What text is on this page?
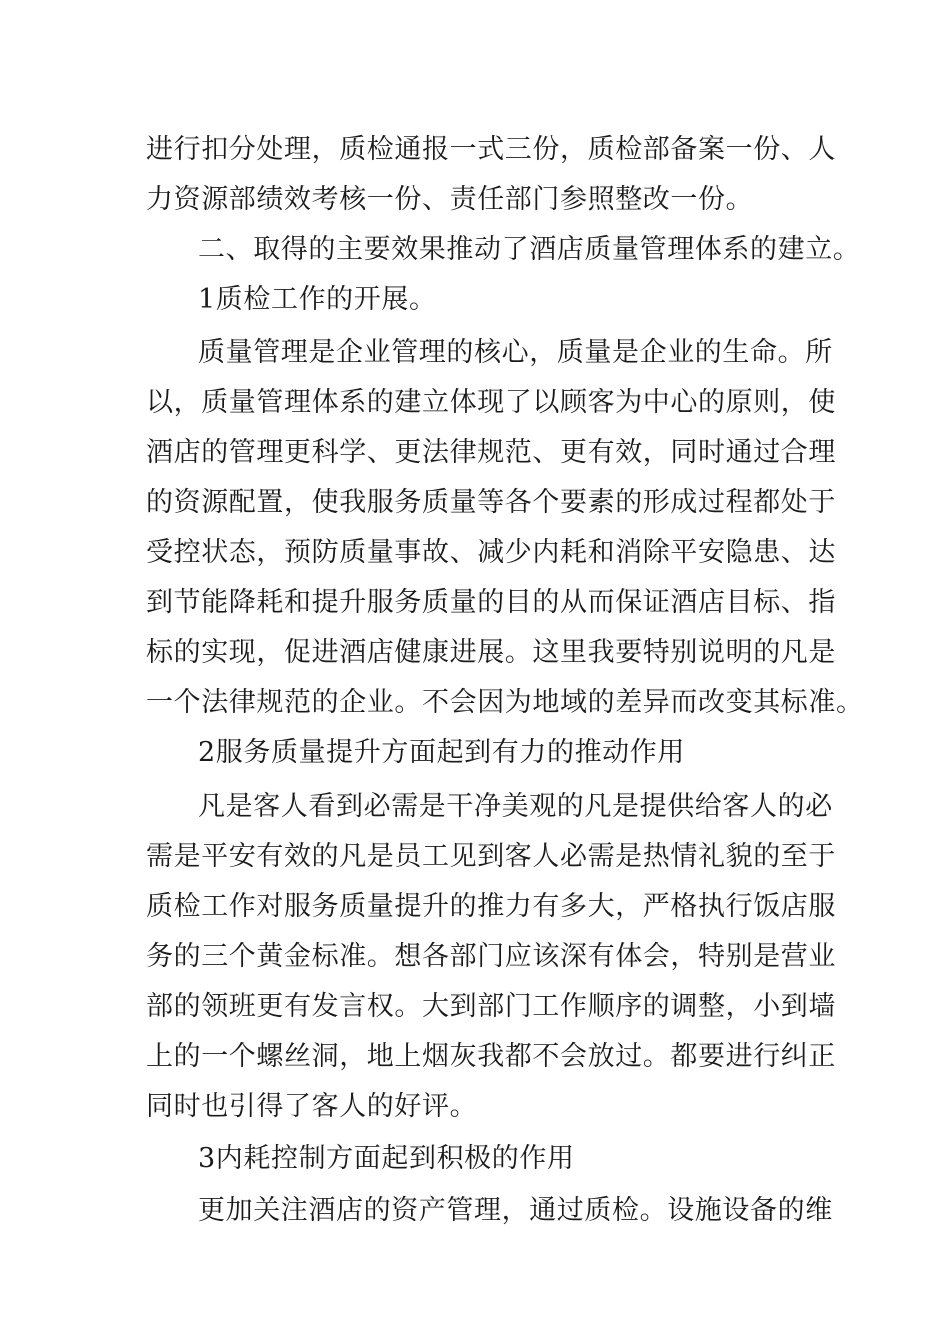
进行扣分处理，质检通报一式三份，质检部备案一份、人
力资源部绩效考核一份、责任部门参照整改一份。
二、取得的主要效果推动了酒店质量管理体系的建立。
1质检工作的开展。
质量管理是企业管理的核心，质量是企业的生命。所
以，质量管理体系的建立体现了以顾客为中心的原则，使
酒店的管理更科学、更法律规范、更有效，同时通过合理
的资源配置，使我服务质量等各个要素的形成过程都处于
受控状态，预防质量事故、减少内耗和消除平安隐患、达
到节能降耗和提升服务质量的目的从而保证酒店目标、指
标的实现，促进酒店健康进展。这里我要特别说明的凡是
一个法律规范的企业。不会因为地域的差异而改变其标准。
2服务质量提升方面起到有力的推动作用
凡是客人看到必需是干净美观的凡是提供给客人的必
需是平安有效的凡是员工见到客人必需是热情礼貌的至于
质检工作对服务质量提升的推力有多大，严格执行饭店服
务的三个黄金标准。想各部门应该深有体会，特别是营业
部的领班更有发言权。大到部门工作顺序的调整，小到墙
上的一个螺丝洞，地上烟灰我都不会放过。都要进行纠正
同时也引得了客人的好评。
3内耗控制方面起到积极的作用
更加关注酒店的资产管理，通过质检。设施设备的维
